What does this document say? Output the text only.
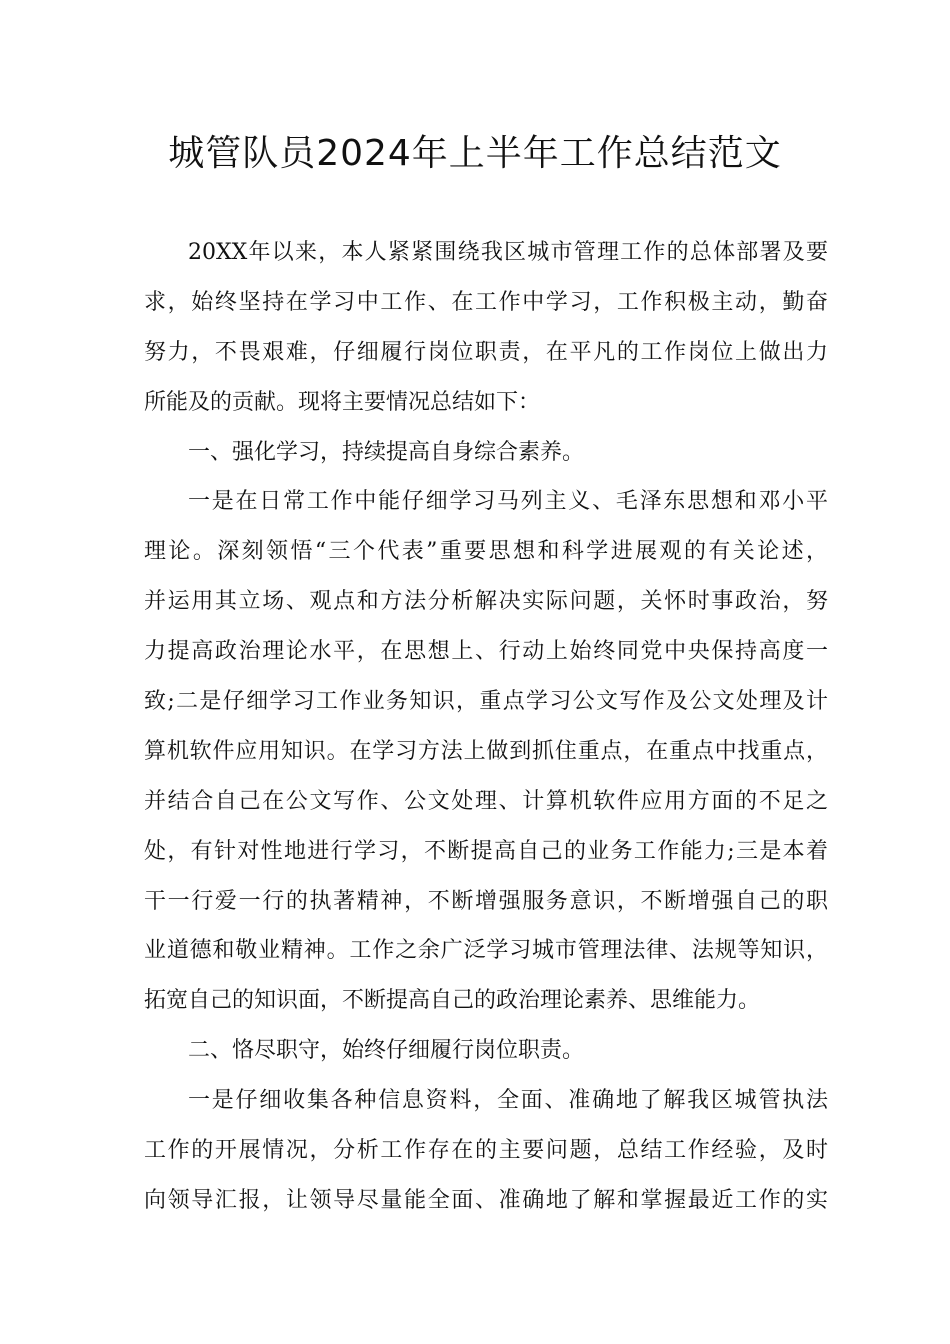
城管队员2024年上半年工作总结范文
20XX年以来，本人紧紧围绕我区城市管理工作的总体部署及要
求，始终坚持在学习中工作、在工作中学习，工作积极主动，勤奋
努力，不畏艰难，仔细履行岗位职责，在平凡的工作岗位上做出力
所能及的贡献。现将主要情况总结如下：
一、强化学习，持续提高自身综合素养。
一是在日常工作中能仔细学习马列主义、毛泽东思想和邓小平
理论。深刻领悟“三个代表”重要思想和科学进展观的有关论述，
并运用其立场、观点和方法分析解决实际问题，关怀时事政治，努
力提高政治理论水平，在思想上、行动上始终同党中央保持高度一
致;二是仔细学习工作业务知识，重点学习公文写作及公文处理及计
算机软件应用知识。在学习方法上做到抓住重点，在重点中找重点，
并结合自己在公文写作、公文处理、计算机软件应用方面的不足之
处，有针对性地进行学习，不断提高自己的业务工作能力;三是本着
干一行爱一行的执著精神，不断增强服务意识，不断增强自己的职
业道德和敬业精神。工作之余广泛学习城市管理法律、法规等知识，
拓宽自己的知识面，不断提高自己的政治理论素养、思维能力。
二、恪尽职守，始终仔细履行岗位职责。
一是仔细收集各种信息资料，全面、准确地了解我区城管执法
工作的开展情况，分析工作存在的主要问题，总结工作经验，及时
向领导汇报，让领导尽量能全面、准确地了解和掌握最近工作的实
